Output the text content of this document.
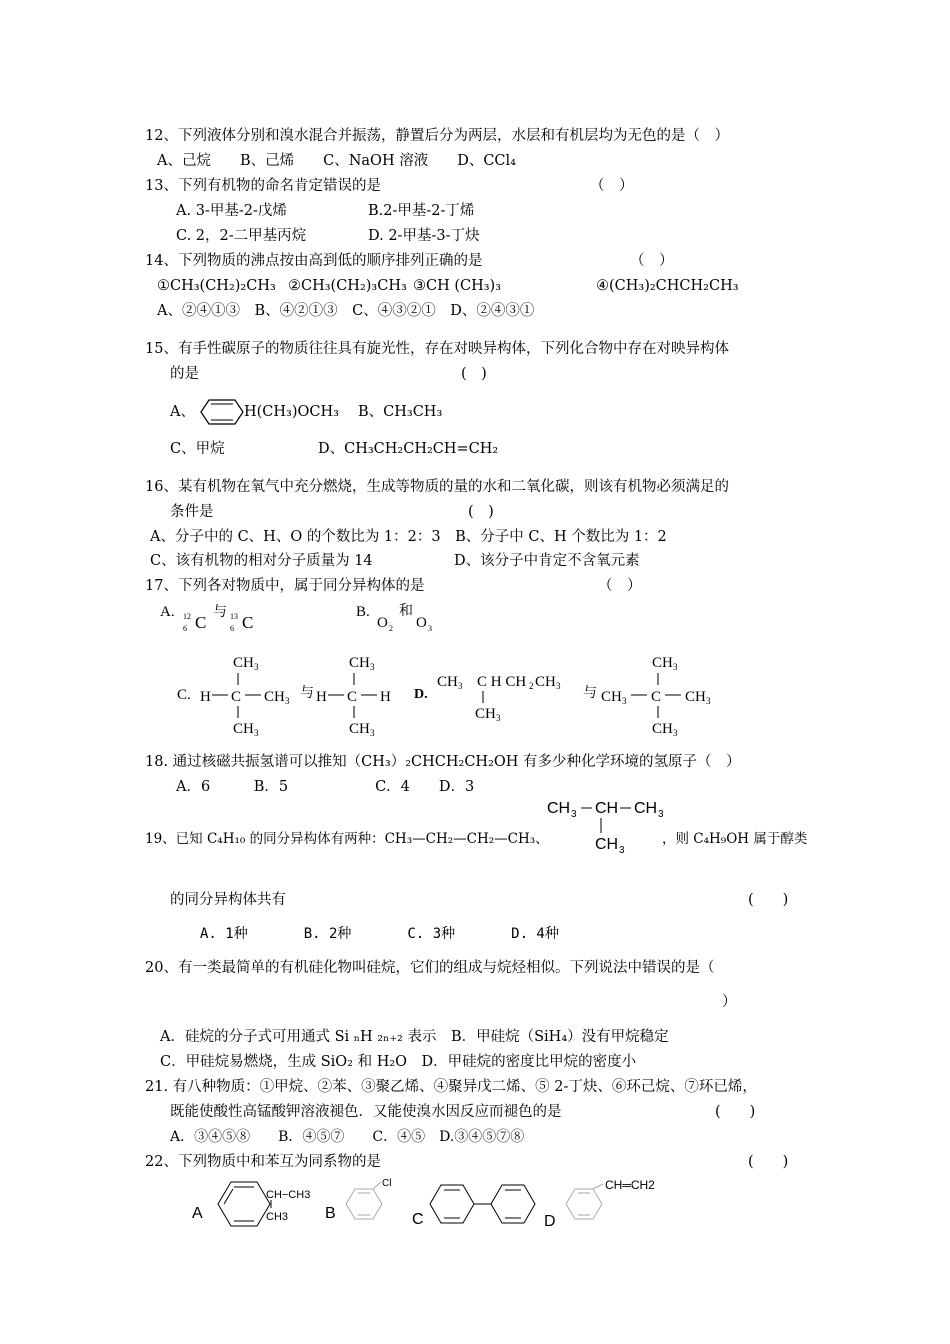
12、下列液体分别和溴水混合并振荡，静置后分为两层，水层和有机层均为无色的是（　）
A、己烷　　B、己烯　　C、NaOH 溶液　　D、CCl₄
13、下列有机物的命名肯定错误的是	（　）
A. 3-甲基-2-戊烯	B.2-甲基-2-丁烯
C. 2，2-二甲基丙烷	D. 2-甲基-3-丁炔
14、下列物质的沸点按由高到低的顺序排列正确的是	（　）
①CH₃(CH₂)₂CH₃ ②CH₃(CH₂)₃CH₃ ③CH (CH₃)₃	④(CH₃)₂CHCH₂CH₃
A、②④①③　B、④②①③　C、④③②①　D、②④③①
15、有手性碳原子的物质往往具有旋光性，存在对映异构体，下列化合物中存在对映异构体
的是	(　)
A、	H(CH₃)OCH₃ B、CH₃CH₃
C、甲烷	D、CH₃CH₂CH₂CH=CH₂
16、某有机物在氧气中充分燃烧，生成等物质的量的水和二氧化碳，则该有机物必须满足的
条件是	(　)
A、分子中的 C、H、O 的个数比为 1：2：3　B、分子中 C、H 个数比为 1：2
C、该有机物的相对分子质量为 14	D、该分子中肯定不含氧元素
17、下列各对物质中，属于同分异构体的是	（　）
A. 12
6 C
与 13
6 C
B.
O 2
和
O 3
C.
CH 3
H C CH 3
CH 3
与
CH 3
H C H
CH 3
D.
CH 3 C H CH 2 CH 3
CH 3
与
CH 3
CH 3 C CH 3
CH 3
18. 通过核磁共振氢谱可以推知（CH₃）₂CHCH₂CH₂OH 有多少种化学环境的氢原子（　）
A．6　　　B．5　　　　　　C．4　　D．3
CH 3 CH CH 3
CH 3
19、已知 C₄H₁₀ 的同分异构体有两种：CH₃—CH₂—CH₂—CH₃、	，则 C₄H₉OH 属于醇类
的同分异构体共有	(　　)
A. 1种　　　　B. 2种　　　　C. 3种　　　　D. 4种
20、有一类最简单的有机硅化物叫硅烷，它们的组成与烷烃相似。下列说法中错误的是（
）
A．硅烷的分子式可用通式 Si ₙH ₂ₙ₊₂ 表示　B．甲硅烷（SiH₄）没有甲烷稳定
C．甲硅烷易燃烧，生成 SiO₂ 和 H₂O　D．甲硅烷的密度比甲烷的密度小
21. 有八种物质：①甲烷、②苯、③聚乙烯、④聚异戊二烯、⑤ 2-丁炔、⑥环己烷、⑦环已烯，
既能使酸性高锰酸钾溶液褪色．又能使溴水因反应而褪色的是	(　　)
A．③④⑤⑧　　B．④⑤⑦　　C．④⑤　D.③④⑤⑦⑧
22、下列物质中和苯互为同系物的是	(　　)
A
CH−CH3
CH3 B
Cl
C	D
CH═CH2
